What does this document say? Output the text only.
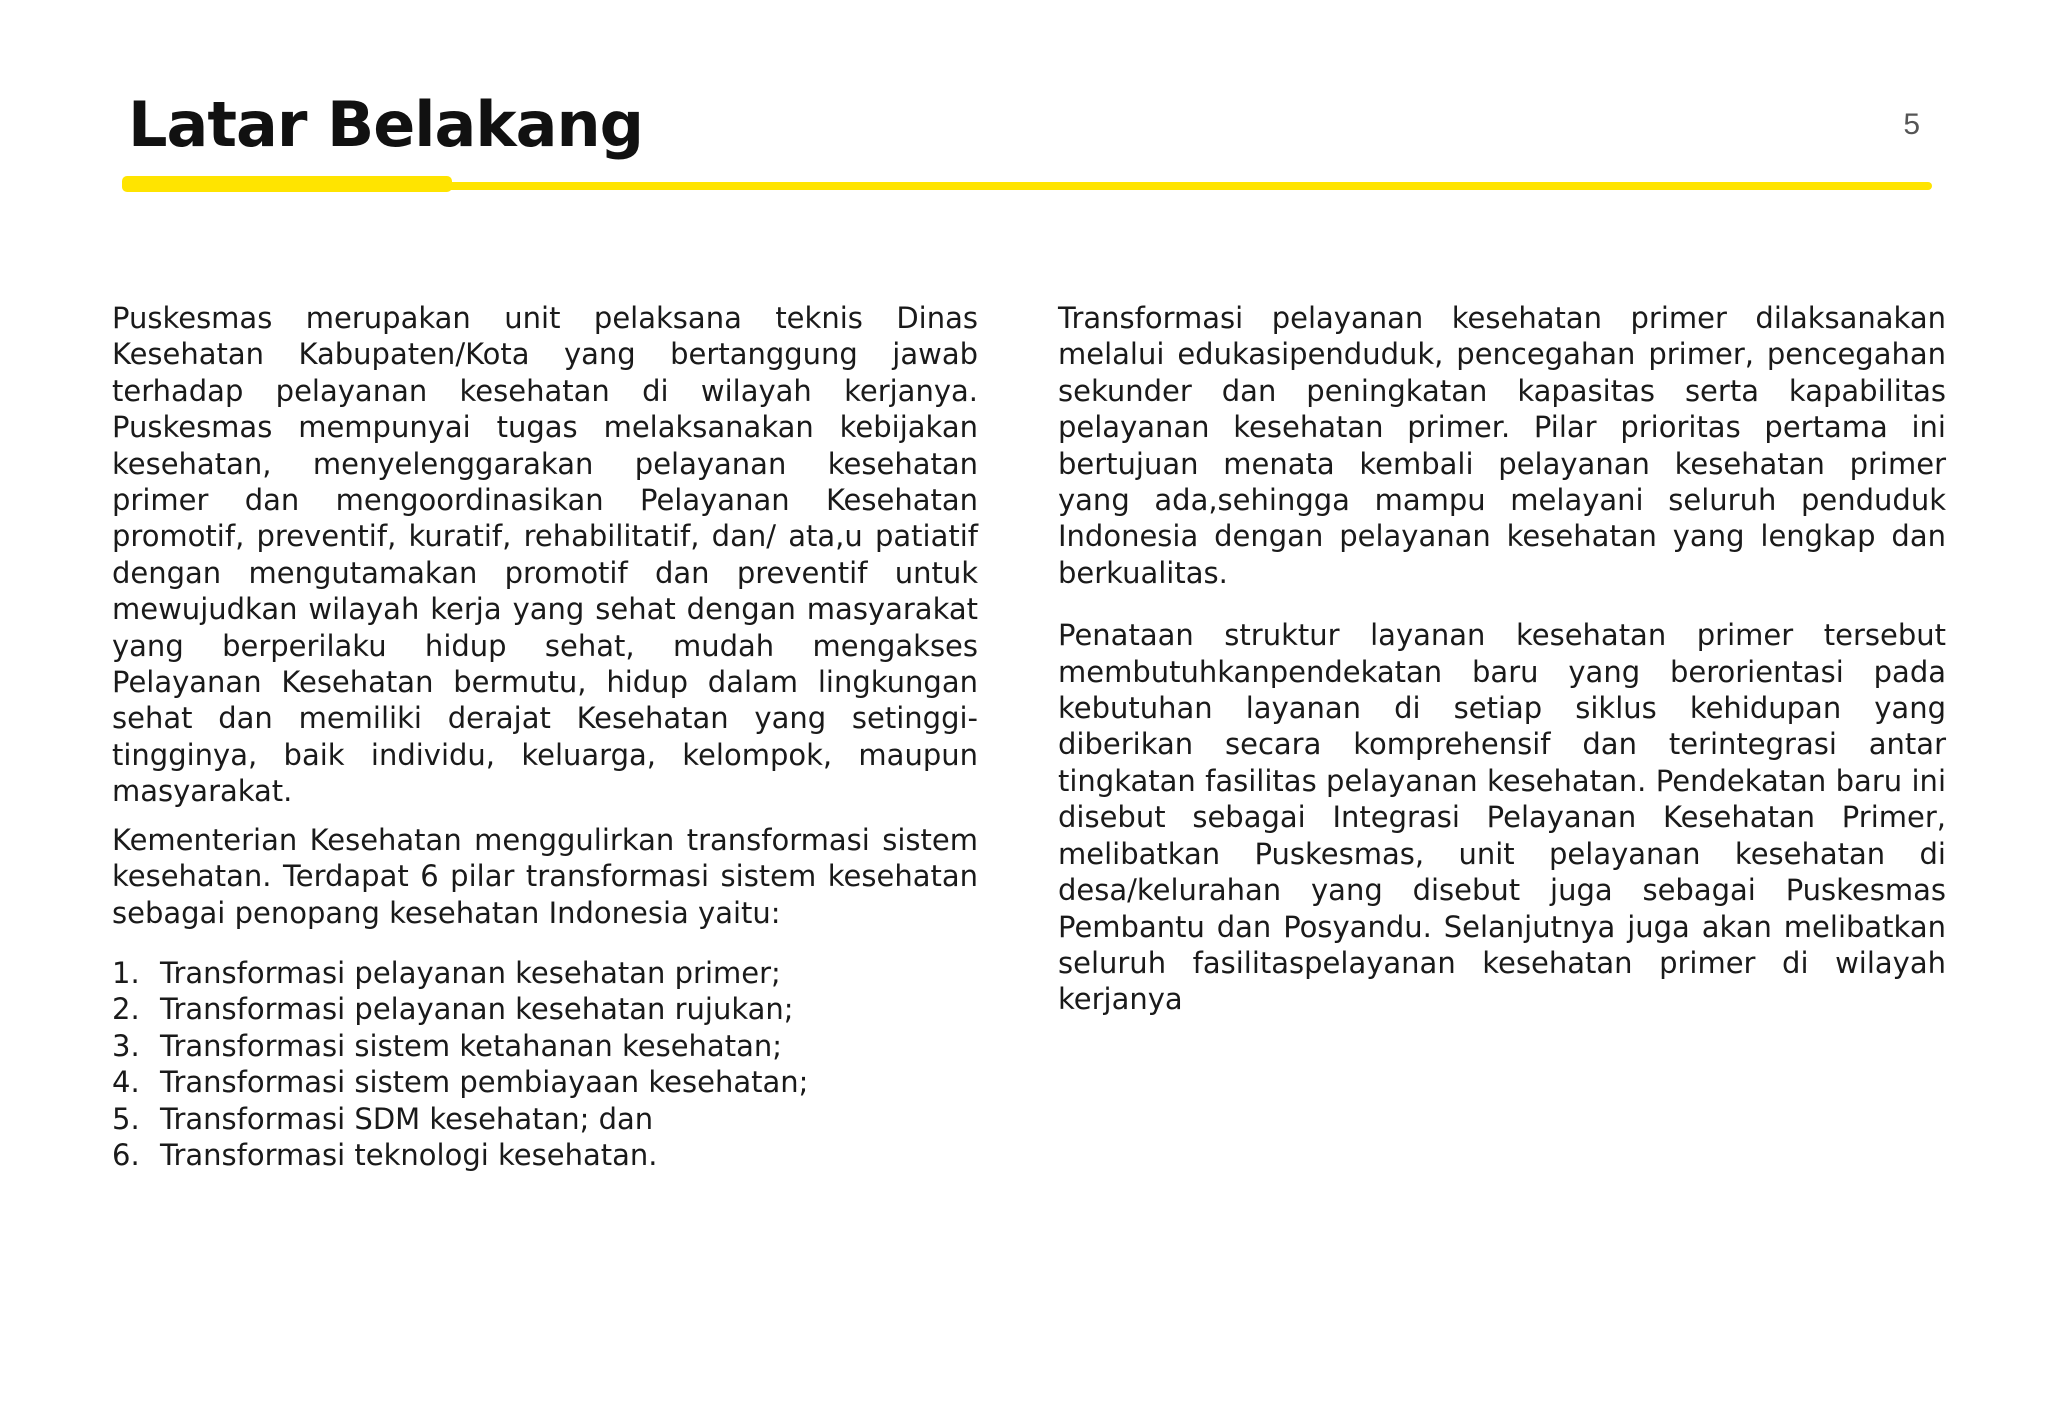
Latar Belakang	5

Puskesmas merupakan unit pelaksana teknis Dinas Kesehatan Kabupaten/Kota yang bertanggung jawab terhadap pelayanan kesehatan di wilayah kerjanya. Puskesmas mempunyai tugas melaksanakan kebijakan kesehatan, menyelenggarakan pelayanan kesehatan primer dan mengoordinasikan Pelayanan Kesehatan promotif, preventif, kuratif, rehabilitatif, dan/ ata,u patiatif dengan mengutamakan promotif dan preventif untuk mewujudkan wilayah kerja yang sehat dengan masyarakat yang berperilaku hidup sehat, mudah mengakses Pelayanan Kesehatan bermutu, hidup dalam lingkungan sehat dan memiliki derajat Kesehatan yang setinggi-tingginya, baik individu, keluarga, kelompok, maupun masyarakat.

Kementerian Kesehatan menggulirkan transformasi sistem kesehatan. Terdapat 6 pilar transformasi sistem kesehatan sebagai penopang kesehatan Indonesia yaitu:

1. Transformasi pelayanan kesehatan primer;
2. Transformasi pelayanan kesehatan rujukan;
3. Transformasi sistem ketahanan kesehatan;
4. Transformasi sistem pembiayaan kesehatan;
5. Transformasi SDM kesehatan; dan
6. Transformasi teknologi kesehatan.

Transformasi pelayanan kesehatan primer dilaksanakan melalui edukasipenduduk, pencegahan primer, pencegahan sekunder dan peningkatan kapasitas serta kapabilitas pelayanan kesehatan primer. Pilar prioritas pertama ini bertujuan menata kembali pelayanan kesehatan primer yang ada,sehingga mampu melayani seluruh penduduk Indonesia dengan pelayanan kesehatan yang lengkap dan berkualitas.

Penataan struktur layanan kesehatan primer tersebut membutuhkanpendekatan baru yang berorientasi pada kebutuhan layanan di setiap siklus kehidupan yang diberikan secara komprehensif dan terintegrasi antar tingkatan fasilitas pelayanan kesehatan. Pendekatan baru ini disebut sebagai Integrasi Pelayanan Kesehatan Primer, melibatkan Puskesmas, unit pelayanan kesehatan di desa/kelurahan yang disebut juga sebagai Puskesmas Pembantu dan Posyandu. Selanjutnya juga akan melibatkan seluruh fasilitaspelayanan kesehatan primer di wilayah kerjanya
